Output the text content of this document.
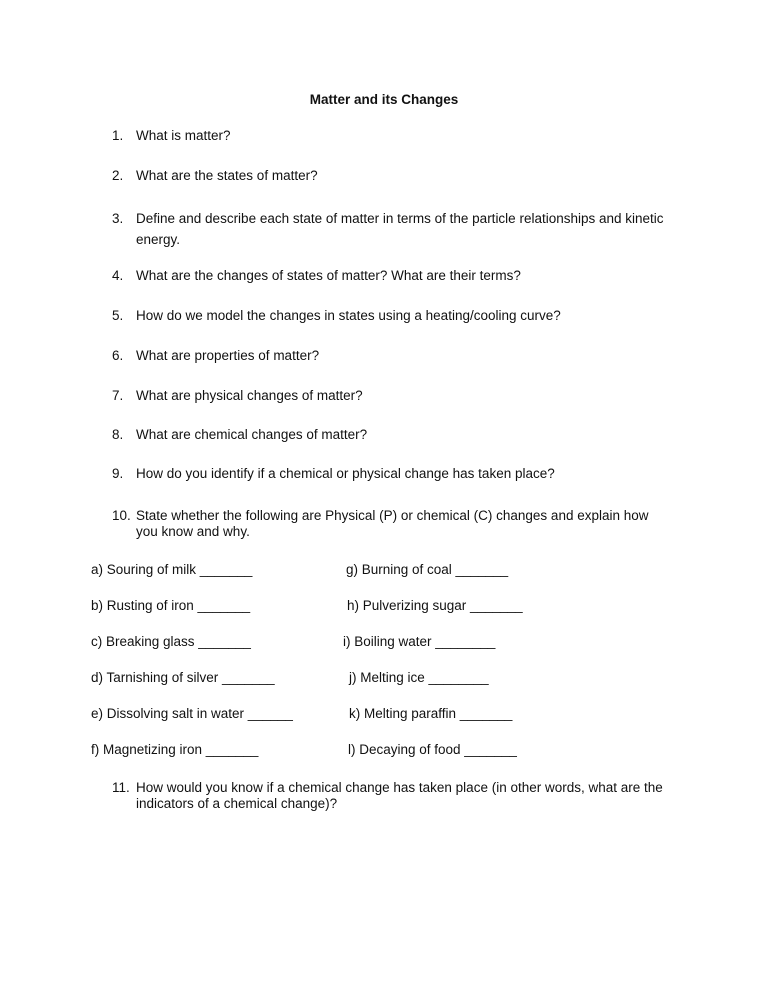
Matter and its Changes
1. What is matter?
2. What are the states of matter?
3. Define and describe each state of matter in terms of the particle relationships and kinetic energy.
4. What are the changes of states of matter? What are their terms?
5. How do we model the changes in states using a heating/cooling curve?
6. What are properties of matter?
7. What are physical changes of matter?
8. What are chemical changes of matter?
9. How do you identify if a chemical or physical change has taken place?
10. State whether the following are Physical (P) or chemical (C) changes and explain how you know and why.
a) Souring of milk _______
b) Rusting of iron _______
c) Breaking glass _______
d) Tarnishing of silver _______
e) Dissolving salt in water ______
f) Magnetizing iron _______
g) Burning of coal _______
h) Pulverizing sugar _______
i) Boiling water ________
j) Melting ice ________
k) Melting paraffin _______
l) Decaying of food _______
11. How would you know if a chemical change has taken place (in other words, what are the indicators of a chemical change)?
